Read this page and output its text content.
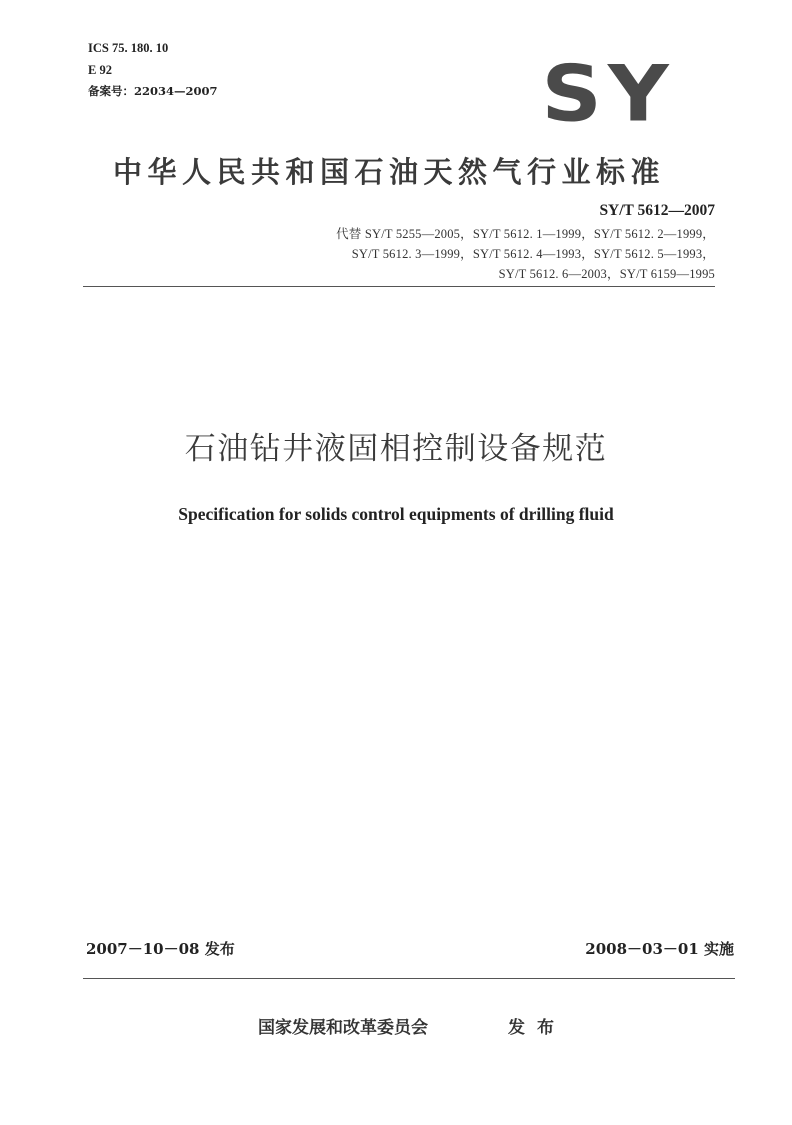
ICS 75. 180. 10
E 92
备案号：22034—2007	SY
中华人民共和国石油天然气行业标准
SY/T 5612—2007
代替 SY/T 5255—2005，SY/T 5612. 1—1999，SY/T 5612. 2—1999，
SY/T 5612. 3—1999，SY/T 5612. 4—1993，SY/T 5612. 5—1993，
SY/T 5612. 6—2003，SY/T 6159—1995
石油钻井液固相控制设备规范
Specification for solids control equipments of drilling fluid
2007－10－08 发布	2008－03－01 实施
国家发展和改革委员会	发布
